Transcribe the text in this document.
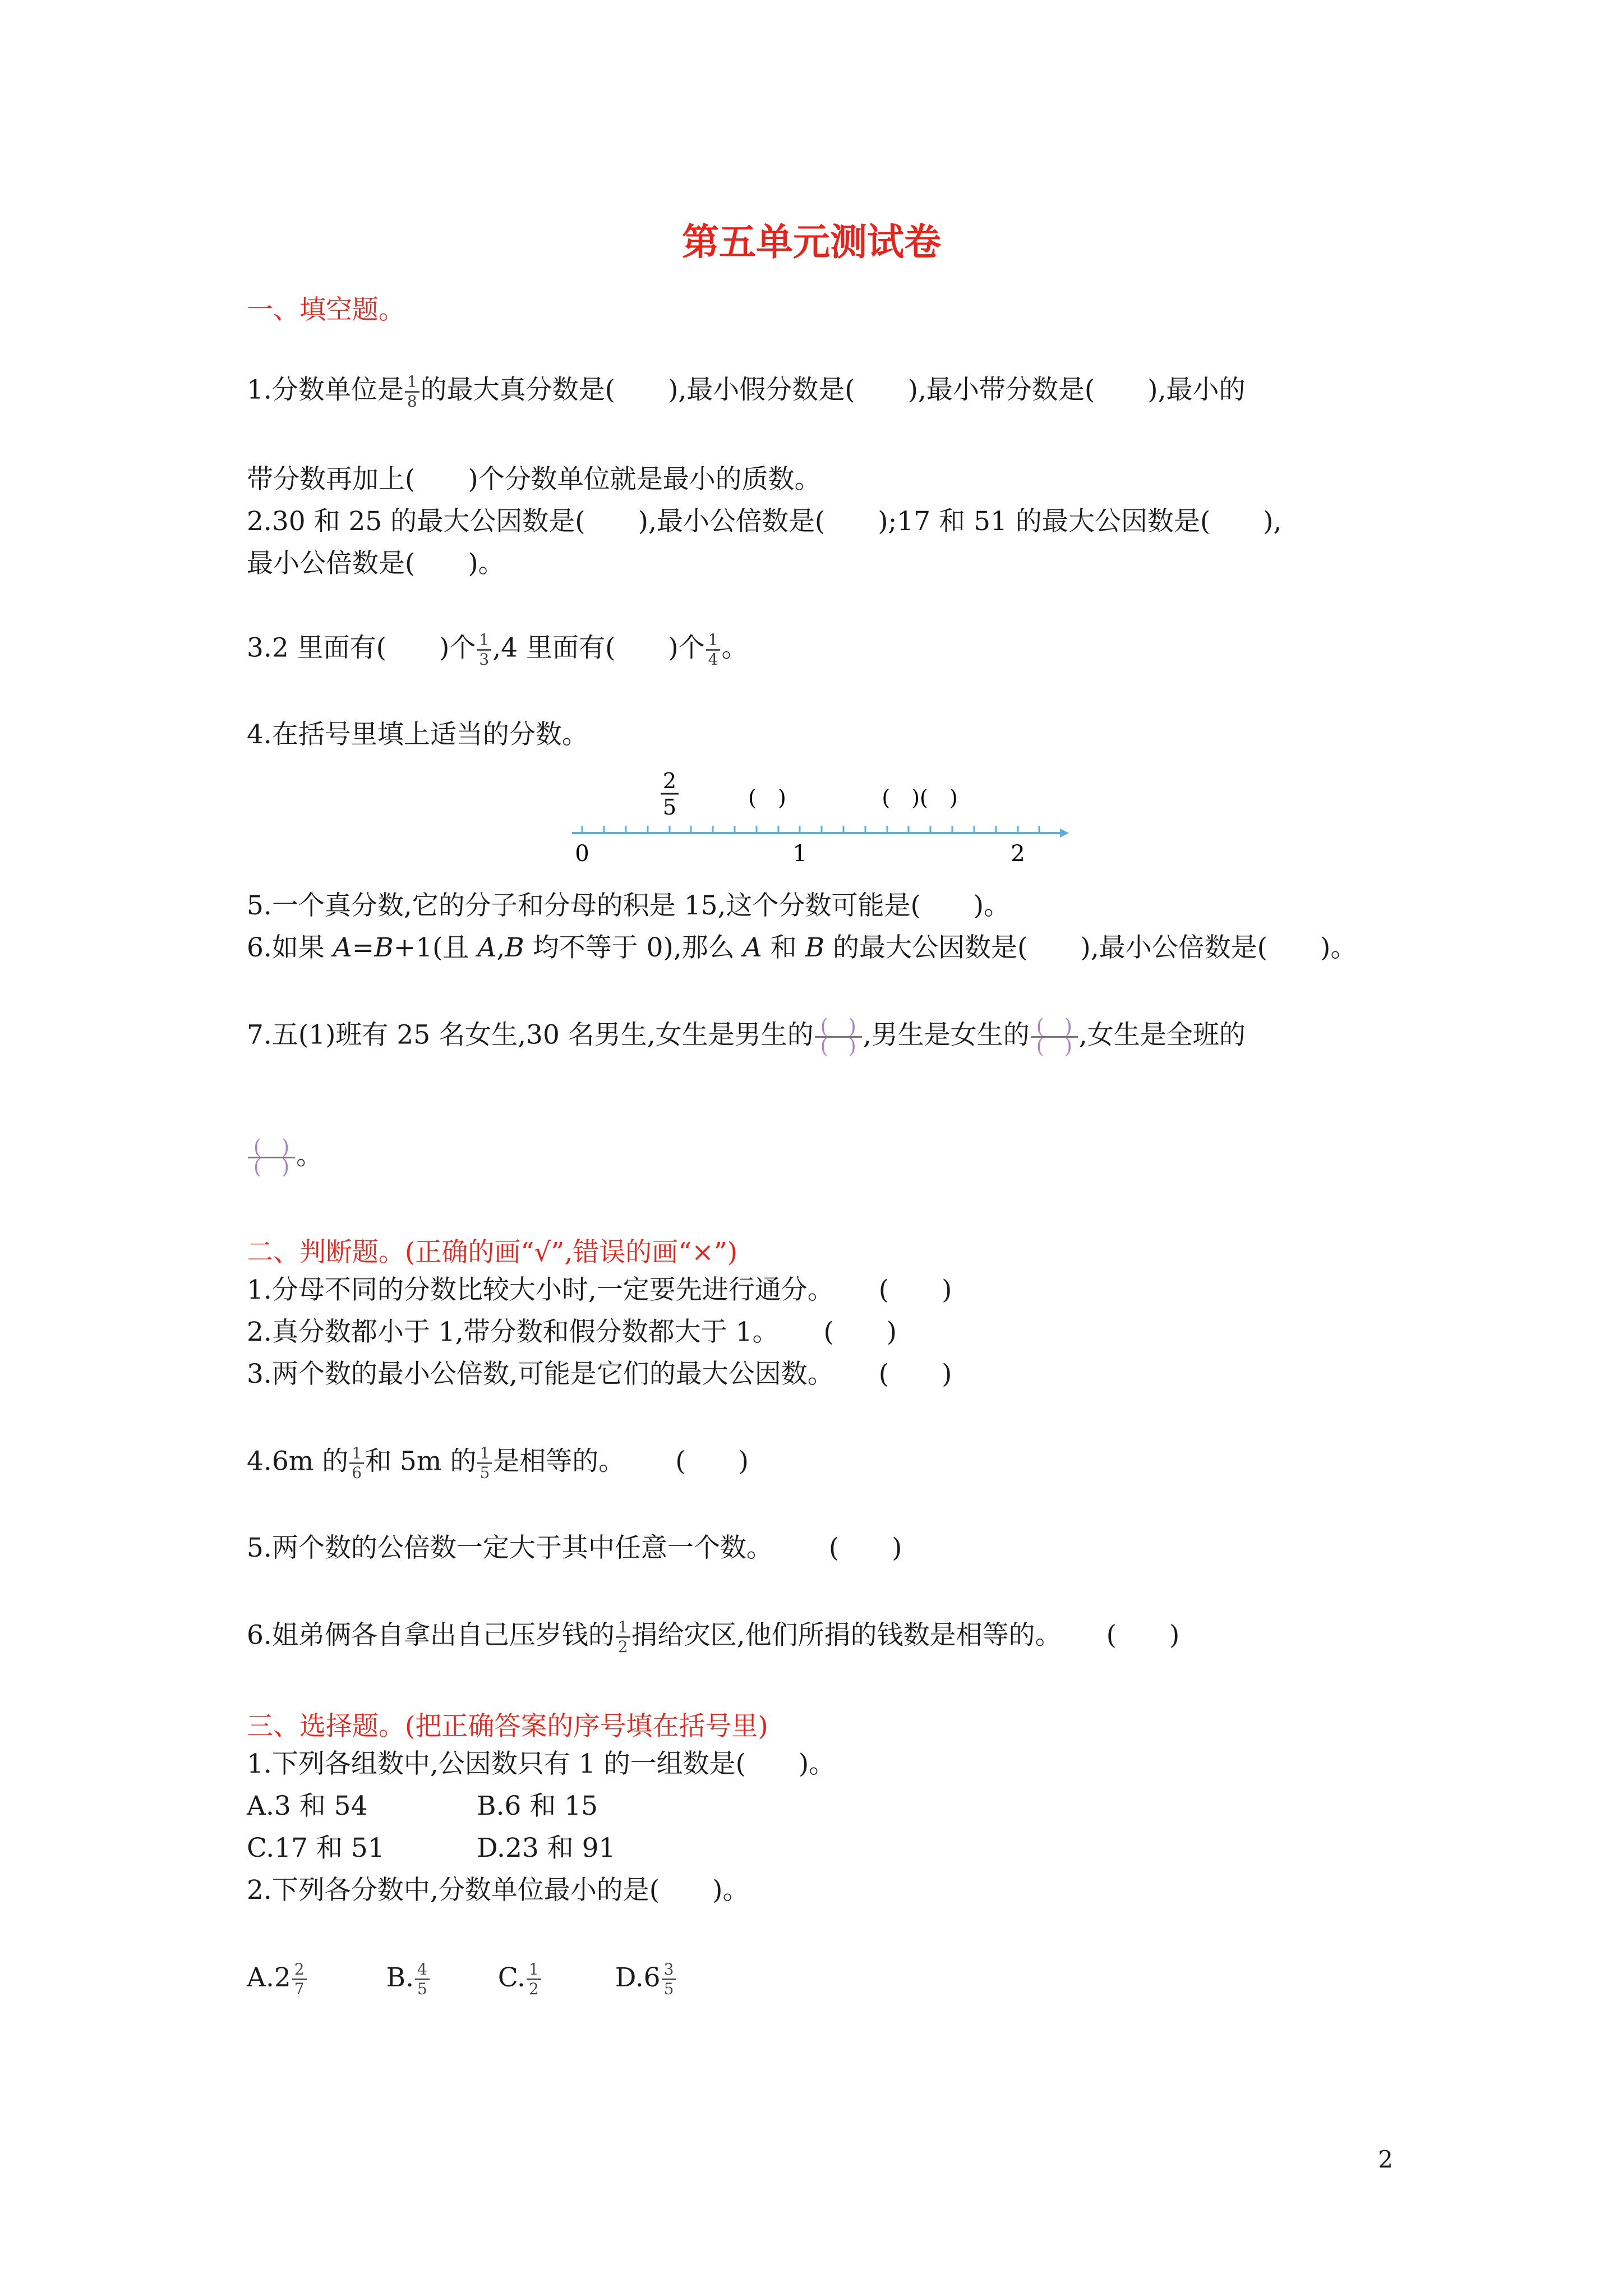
第五单元测试卷
一、填空题。
1.分数单位是 $\frac{1}{8}$ 的最大真分数是(　　),最小假分数是(　　),最小带分数是(　　),最小的
带分数再加上(　　)个分数单位就是最小的质数。
2.30 和 25 的最大公因数是(　　),最小公倍数是(　　);17 和 51 的最大公因数是(　　),
最小公倍数是(　　)。
3.2 里面有(　　)个 $\frac{1}{3} ,4$ 里面有(　　)个 $\frac{1}{4}$ 。
4.在括号里填上适当的分数。
0	1	2
2
5	(　)	(　)(　)
5.一个真分数,它的分子和分母的积是 15,这个分数可能是(　　)。
6.如果 A=B+1(且 A,B 均不等于 0),那么 A 和 B 的最大公因数是(　　),最小公倍数是(　　)。
7.五(1)班有 25 名女生,30 名男生,女生是男生的 $\frac{( )}{( )}$ ,男生是女生的 $\frac{( )}{( )}$ ,女生是全班的
$\frac{( )}{( )}$ 。
二、判断题。(正确的画“√”,错误的画“×”)
1.分母不同的分数比较大小时,一定要先进行通分。 (　　)
2.真分数都小于 1,带分数和假分数都大于 1。 (　　)
3.两个数的最小公倍数,可能是它们的最大公因数。 (　　)
4.6m 的 $\frac{1}{6}$ 和 5m 的 $\frac{1}{5}$ 是相等的。 (　　)
5.两个数的公倍数一定大于其中任意一个数。 (　　)
6.姐弟俩各自拿出自己压岁钱的 $\frac{1}{2}$ 捐给灾区,他们所捐的钱数是相等的。 (　　)
三、选择题。(把正确答案的序号填在括号里)
1.下列各组数中,公因数只有 1 的一组数是(　　)。
A.3 和 54	B.6 和 15
C.17 和 51	D.23 和 91
2.下列各分数中,分数单位最小的是(　　)。
$A.2 \frac{2}{7}$	B. $\frac{4}{5}$	C. $\frac{1}{2}$	$D.6 \frac{3}{5}$
2
